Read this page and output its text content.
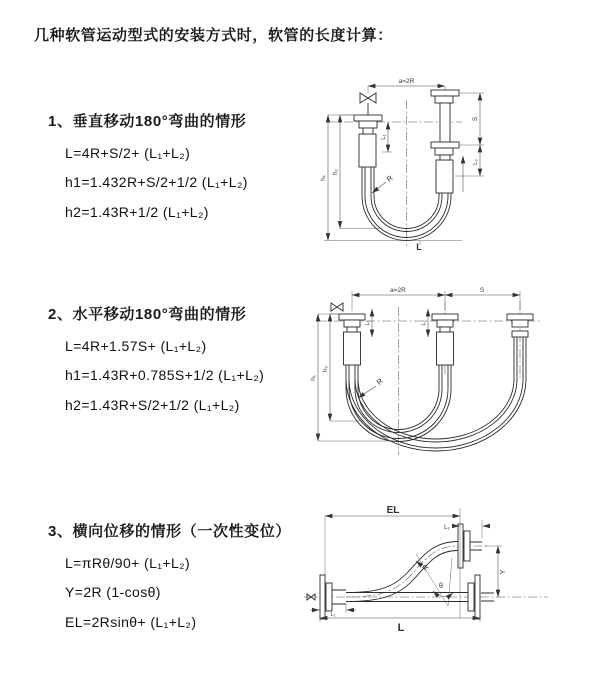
几种软管运动型式的安装方式时，软管的长度计算：
1、垂直移动180°弯曲的情形
L=4R+S/2+ (L₁+L₂)
h1=1.432R+S/2+1/2 (L₁+L₂)
h2=1.43R+1/2 (L₁+L₂)
a=2R
h₁
h₂
L₁
S
L₂
R
L
2、水平移动180°弯曲的情形
L=4R+1.57S+ (L₁+L₂)
h1=1.43R+0.785S+1/2 (L₁+L₂)
h2=1.43R+S/2+1/2 (L₁+L₂)
a=2R	S
h₁
h₂
L₁	L₂
R
3、横向位移的情形（一次性变位）
L=πRθ/90+ (L₁+L₂)
Y=2R (1-cosθ)
EL=2Rsinθ+ (L₁+L₂)
θ
R
EL
L₂
Y
L
L₁
